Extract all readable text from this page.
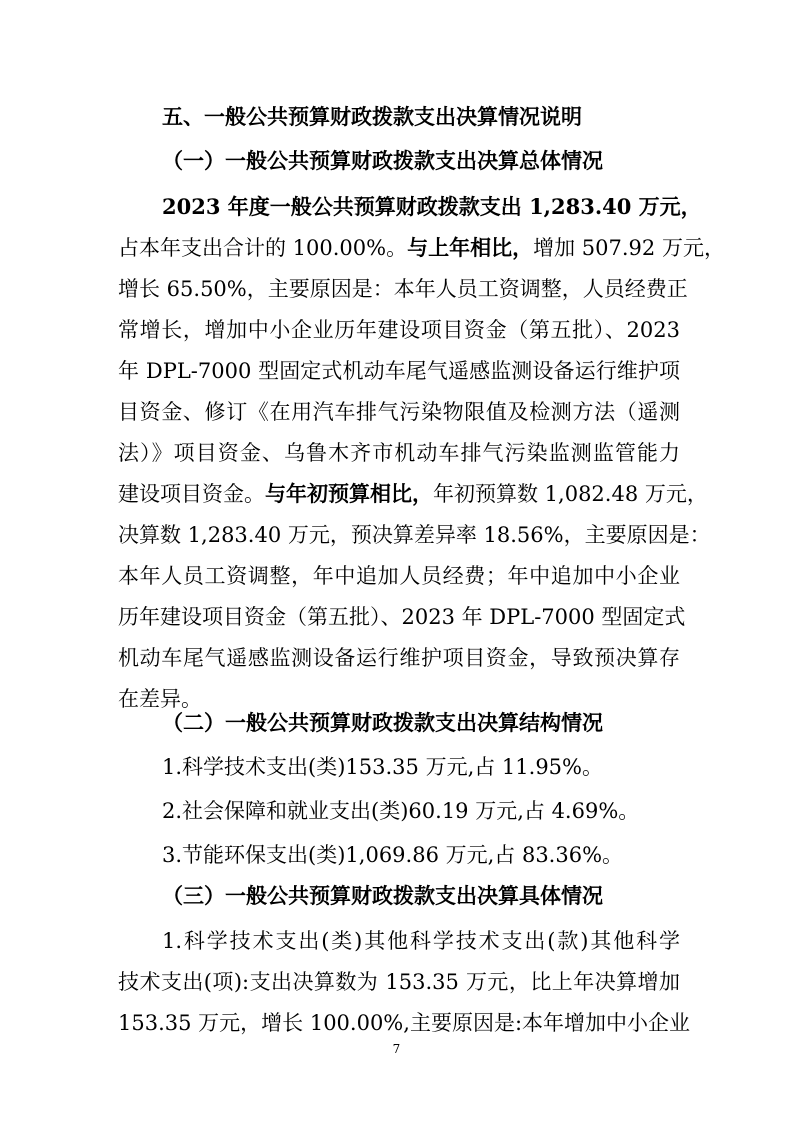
五、一般公共预算财政拨款支出决算情况说明
（一）一般公共预算财政拨款支出决算总体情况
2023 年度一般公共预算财政拨款支出 1,283.40 万元，
占本年支出合计的 100.00%。与上年相比，增加 507.92 万元，
增长 65.50%，主要原因是：本年人员工资调整，人员经费正
常增长，增加中小企业历年建设项目资金（第五批）、2023
年 DPL-7000 型固定式机动车尾气遥感监测设备运行维护项
目资金、修订《在用汽车排气污染物限值及检测方法（遥测
法）》项目资金、乌鲁木齐市机动车排气污染监测监管能力
建设项目资金。与年初预算相比，年初预算数 1,082.48 万元，
决算数 1,283.40 万元，预决算差异率 18.56%，主要原因是：
本年人员工资调整，年中追加人员经费；年中追加中小企业
历年建设项目资金（第五批）、2023 年 DPL-7000 型固定式
机动车尾气遥感监测设备运行维护项目资金，导致预决算存
在差异。
（二）一般公共预算财政拨款支出决算结构情况
1.科学技术支出(类)153.35 万元,占 11.95%。
2.社会保障和就业支出(类)60.19 万元,占 4.69%。
3.节能环保支出(类)1,069.86 万元,占 83.36%。
（三）一般公共预算财政拨款支出决算具体情况
1.科学技术支出(类)其他科学技术支出(款)其他科学
技术支出(项):支出决算数为 153.35 万元，比上年决算增加
153.35 万元，增长 100.00%,主要原因是:本年增加中小企业
7
